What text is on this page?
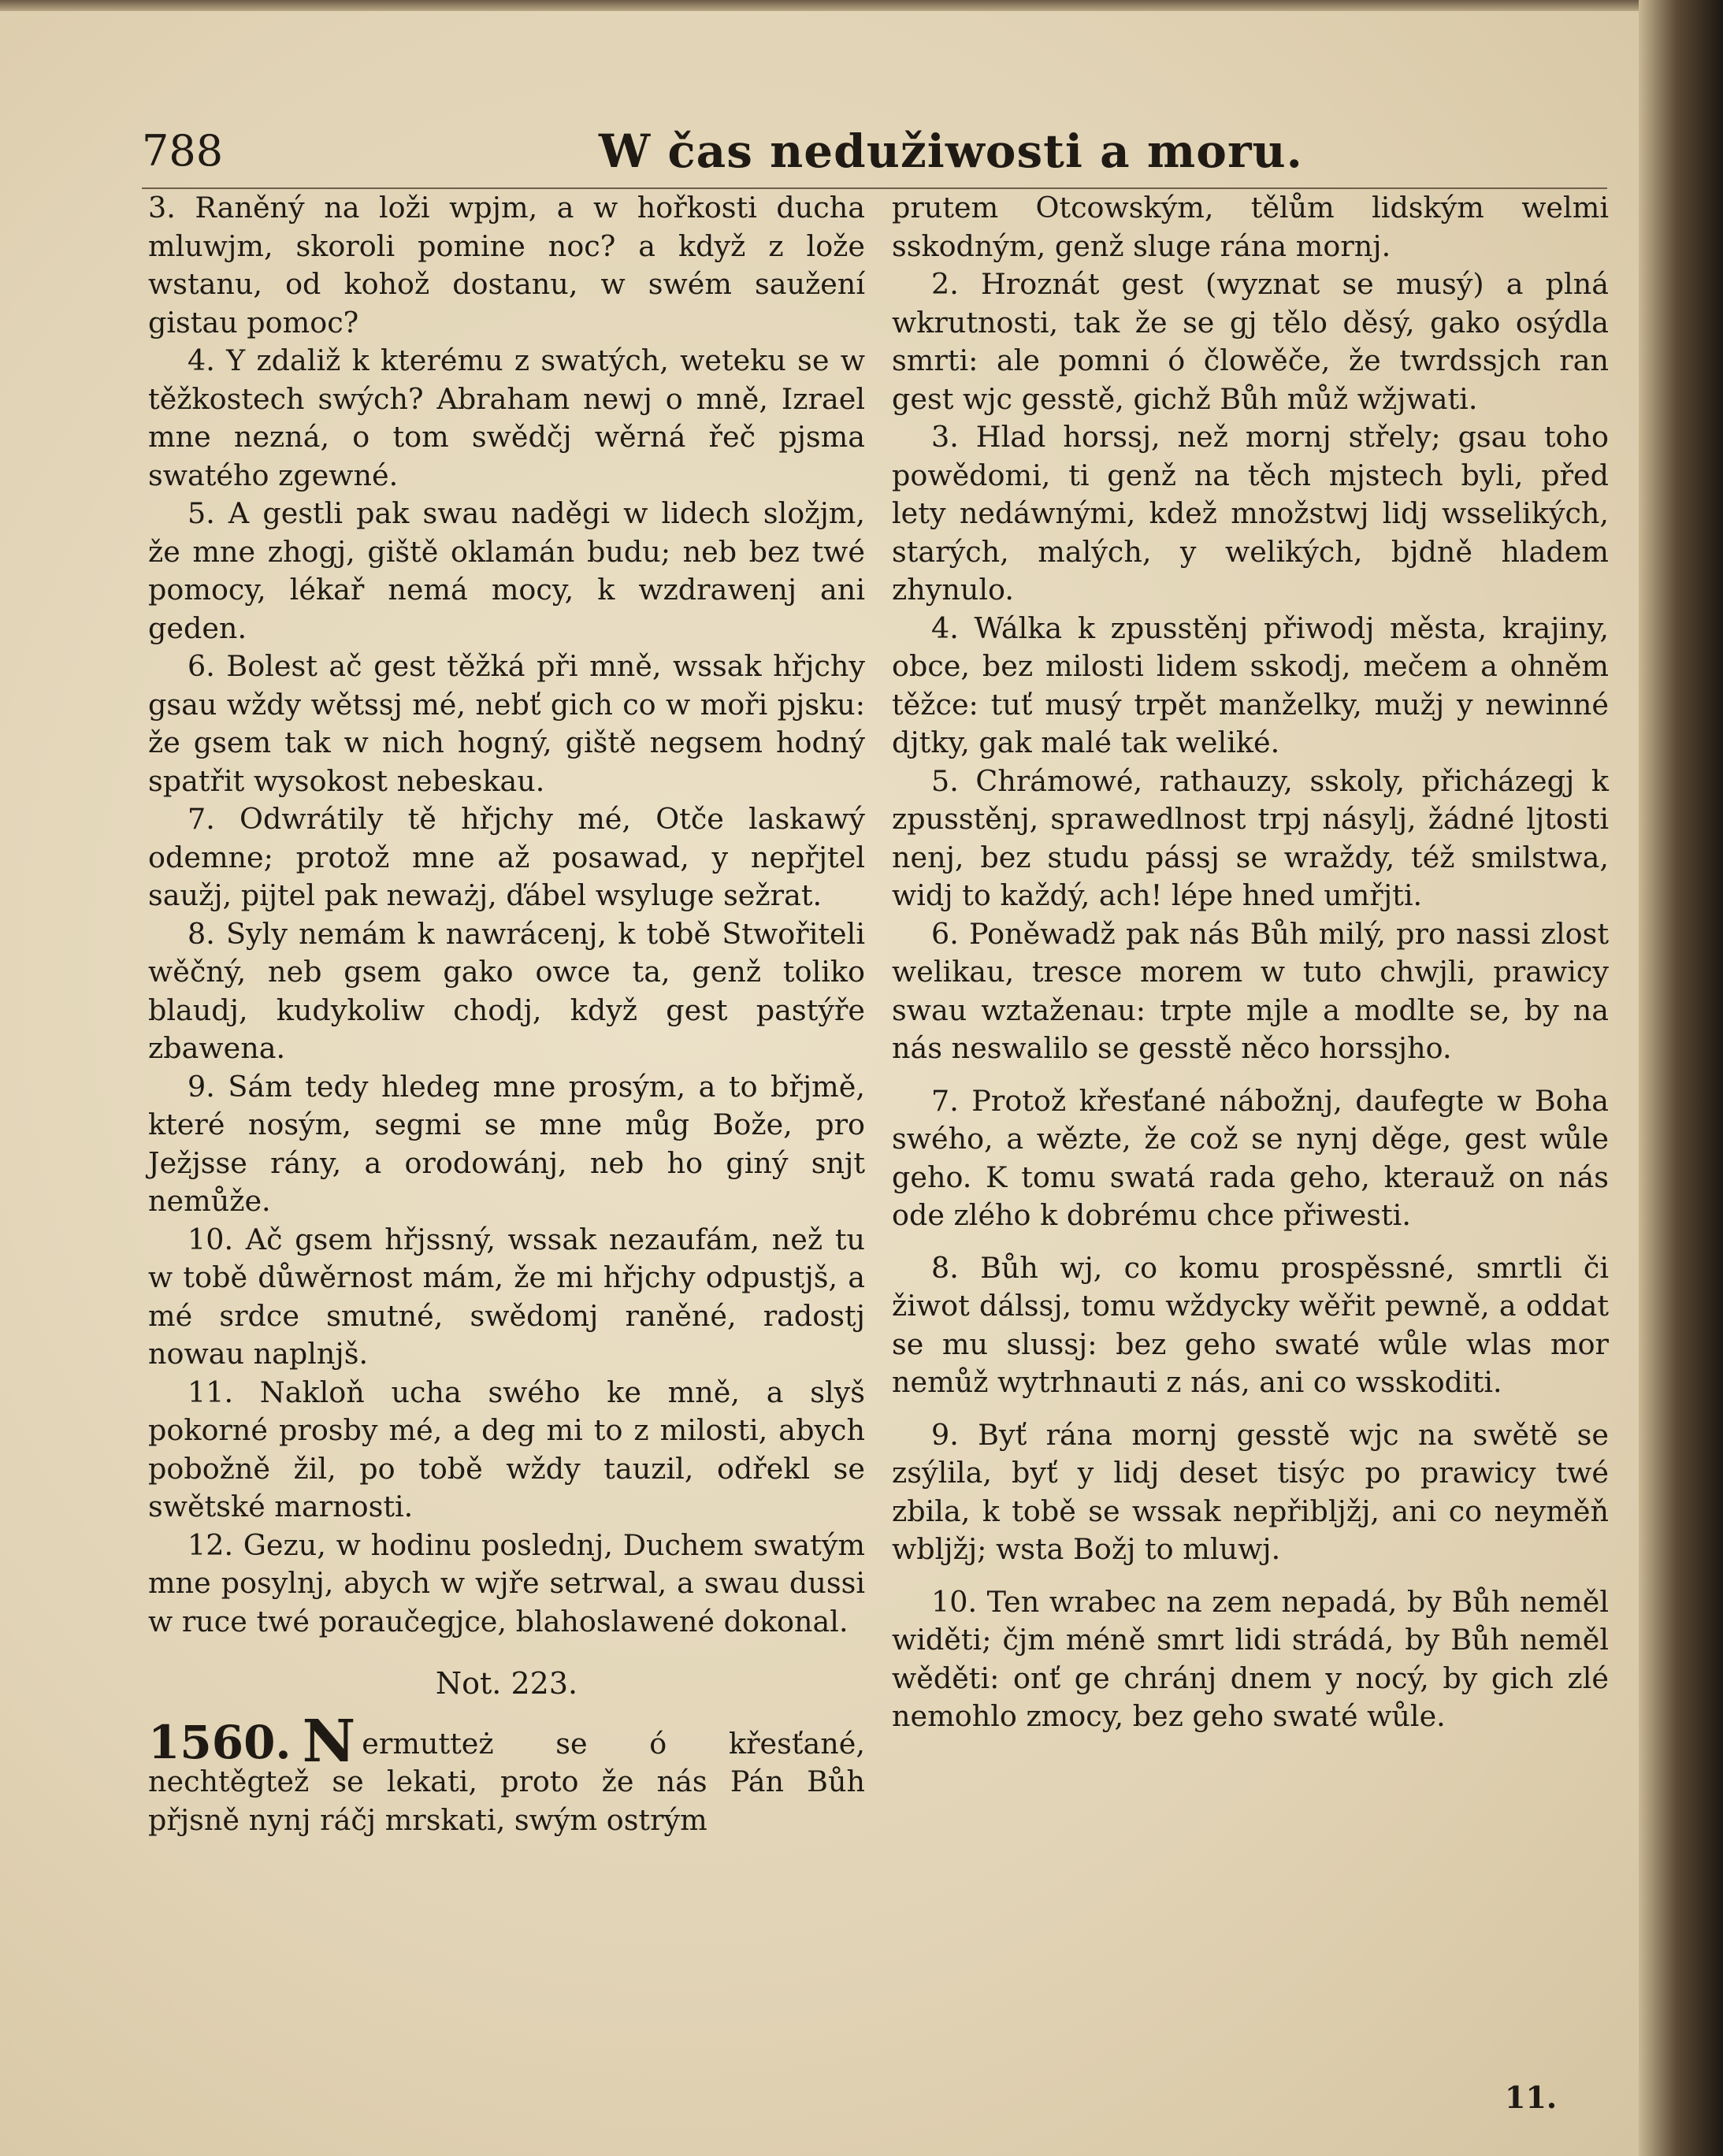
788	W čas nedužiwosti a moru.

3. Raněný na loži wpjm, a w hořkosti ducha mluwjm, skoroli pomine noc? a když z lože wstanu, od kohož dostanu, w swém saužení gistau pomoc?

4. Y zdaliž k kterému z swatých, weteku se w těžkostech swých? Abraham newj o mně, Izrael mne nezná, o tom swědčj wěrná řeč pjsma swatého zgewné.

5. A gestli pak swau naděgi w lidech složjm, že mne zhogj, giště oklamán budu; neb bez twé pomocy, lékař nemá mocy, k wzdrawenj ani geden.

6. Bolest ač gest těžká při mně, wssak hřjchy gsau wždy wětssj mé, nebť gich co w moři pjsku: že gsem tak w nich hogný, giště negsem hodný spatřit wysokost nebeskau.

7. Odwrátily tě hřjchy mé, Otče laskawý odemne; protož mne až posawad, y nepřjtel saužj, pijtel pak neważj, ďábel wsyluge sežrat.

8. Syly nemám k nawrácenj, k tobě Stwořiteli wěčný, neb gsem gako owce ta, genž toliko blaudj, kudykoliw chodj, když gest pastýře zbawena.

9. Sám tedy hledeg mne prosým, a to břjmě, které nosým, segmi se mne můg Bože, pro Ježjsse rány, a orodowánj, neb ho giný snjt nemůže.

10. Ač gsem hřjssný, wssak nezaufám, než tu w tobě důwěrnost mám, že mi hřjchy odpustjš, a mé srdce smutné, swědomj raněné, radostj nowau naplnjš.

11. Nakloň ucha swého ke mně, a slyš pokorné prosby mé, a deg mi to z milosti, abych pobožně žil, po tobě wždy tauzil, odřekl se swětské marnosti.

12. Gezu, w hodinu poslednj, Duchem swatým mne posylnj, abych w wjře setrwal, a swau dussi w ruce twé poraučegjce, blahoslawené dokonal.

Not. 223.

1560. N ermutteż se ó křesťané, nechtěgtež se lekati, proto že nás Pán Bůh přjsně nynj ráčj mrskati, swým ostrým

prutem Otcowským, tělům lidským welmi sskodným, genž sluge rána mornj.

2. Hroznát gest (wyznat se musý) a plná wkrutnosti, tak že se gj tělo děsý, gako osýdla smrti: ale pomni ó člowěče, že twrdssjch ran gest wjc gesstě, gichž Bůh můž wžjwati.

3. Hlad horssj, než mornj střely; gsau toho powědomi, ti genž na těch mjstech byli, před lety nedáwnými, kdež množstwj lidj wsselikých, starých, malých, y welikých, bjdně hladem zhynulo.

4. Wálka k zpusstěnj přiwodj města, krajiny, obce, bez milosti lidem sskodj, mečem a ohněm těžce: tuť musý trpět manželky, mužj y newinné djtky, gak malé tak weliké.

5. Chrámowé, rathauzy, sskoly, přicházegj k zpusstěnj, sprawedlnost trpj násylj, žádné ljtosti nenj, bez studu pássj se wraždy, též smilstwa, widj to každý, ach! lépe hned umřjti.

6. Poněwadž pak nás Bůh milý, pro nassi zlost welikau, tresce morem w tuto chwjli, prawicy swau wztaženau: trpte mjle a modlte se, by na nás neswalilo se gesstě něco horssjho.

7. Protož křesťané nábožnj, daufegte w Boha swého, a wězte, že což se nynj děge, gest wůle geho. K tomu swatá rada geho, kterauž on nás ode zlého k dobrému chce přiwesti.

8. Bůh wj, co komu prospěssné, smrtli či žiwot dálssj, tomu wždycky wěřit pewně, a oddat se mu slussj: bez geho swaté wůle wlas mor nemůž wytrhnauti z nás, ani co wsskoditi.

9. Byť rána mornj gesstě wjc na swětě se zsýlila, byť y lidj deset tisýc po prawicy twé zbila, k tobě se wssak nepřibljžj, ani co neyměň wbljžj; wsta Božj to mluwj.

10. Ten wrabec na zem nepadá, by Bůh neměl widěti; čjm méně smrt lidi strádá, by Bůh neměl wěděti: onť ge chránj dnem y nocý, by gich zlé nemohlo zmocy, bez geho swaté wůle.

11.
